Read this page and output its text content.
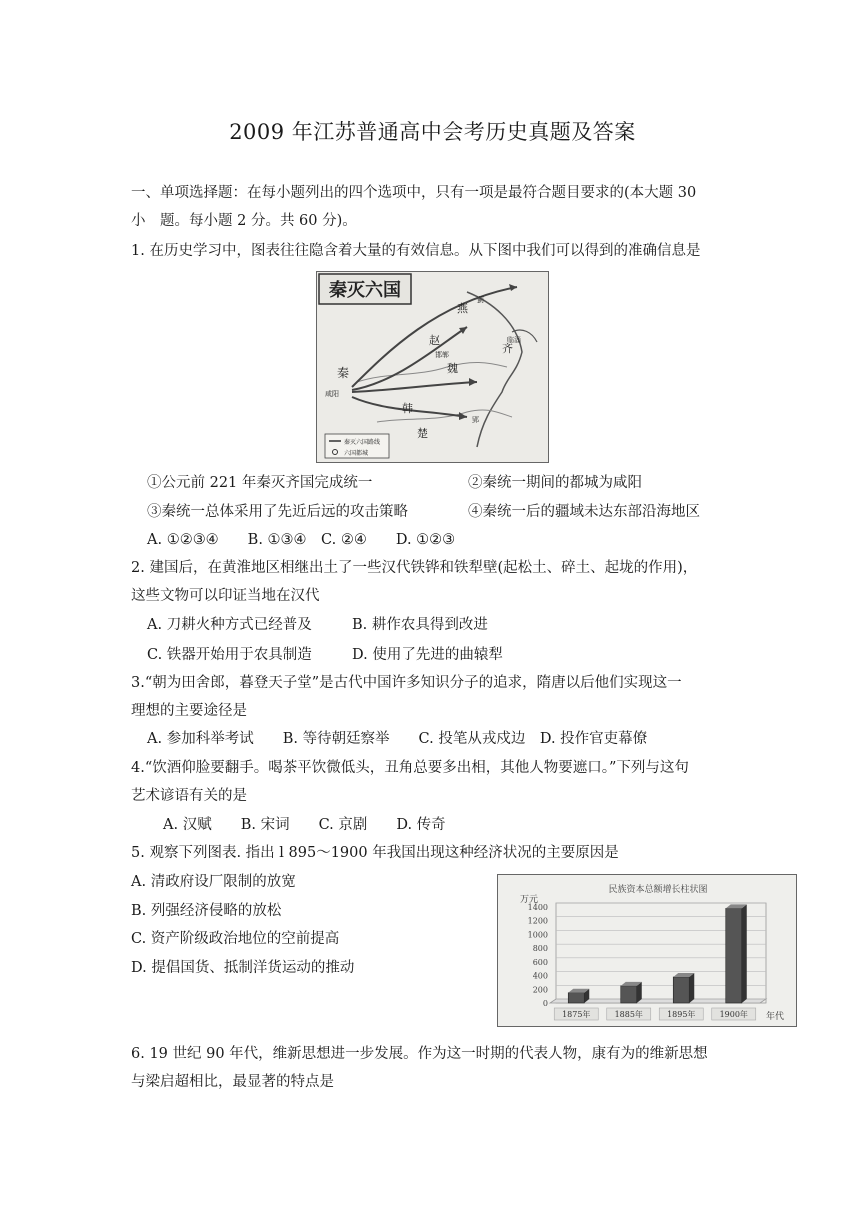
2009 年江苏普通高中会考历史真题及答案
一、单项选择题：在每小题列出的四个选项中，只有一项是最符合题目要求的(本大题 30
小　题。每小题 2 分。共 60 分)。
1. 在历史学习中，图表往往隐含着大量的有效信息。从下图中我们可以得到的准确信息是
秦灭六国
燕
齐
赵
魏
韩
楚
秦
咸阳
邯郸
郢
蓟
临淄
秦灭六国路线
六国都城
①公元前 221 年秦灭齐国完成统一	②秦统一期间的都城为咸阳
③秦统一总体采用了先近后远的攻击策略	④秦统一后的疆域未达东部沿海地区
A. ①②③④　　B. ①③④　C. ②④　　D. ①②③
2. 建国后，在黄淮地区相继出土了一些汉代铁铧和铁犁壁(起松土、碎土、起垅的作用)，
这些文物可以印证当地在汉代
A. 刀耕火种方式已经普及	B. 耕作农具得到改进
C. 铁器开始用于农具制造	D. 使用了先进的曲辕犁
3.“朝为田舍郎，暮登天子堂”是古代中国许多知识分子的追求，隋唐以后他们实现这一
理想的主要途径是
A. 参加科举考试　　B. 等待朝廷察举　　C. 投笔从戎戍边　D. 投作官吏幕僚
4.“饮酒仰脸要翻手。喝茶平饮微低头，丑角总要多出相，其他人物要遮口。”下列与这句
艺术谚语有关的是
A. 汉赋　　B. 宋词　　C. 京剧　　D. 传奇
5. 观察下列图表. 指出 l 895～1900 年我国出现这种经济状况的主要原因是
A. 清政府设厂限制的放宽
B. 列强经济侵略的放松
C. 资产阶级政治地位的空前提高
D. 提倡国货、抵制洋货运动的推动
民族资本总额增长柱状图
万元
年代
0
200
400
600
800
1000
1200
1400
1875年	1885年	1895年	1900年
6. 19 世纪 90 年代，维新思想进一步发展。作为这一时期的代表人物，康有为的维新思想
与梁启超相比，最显著的特点是
